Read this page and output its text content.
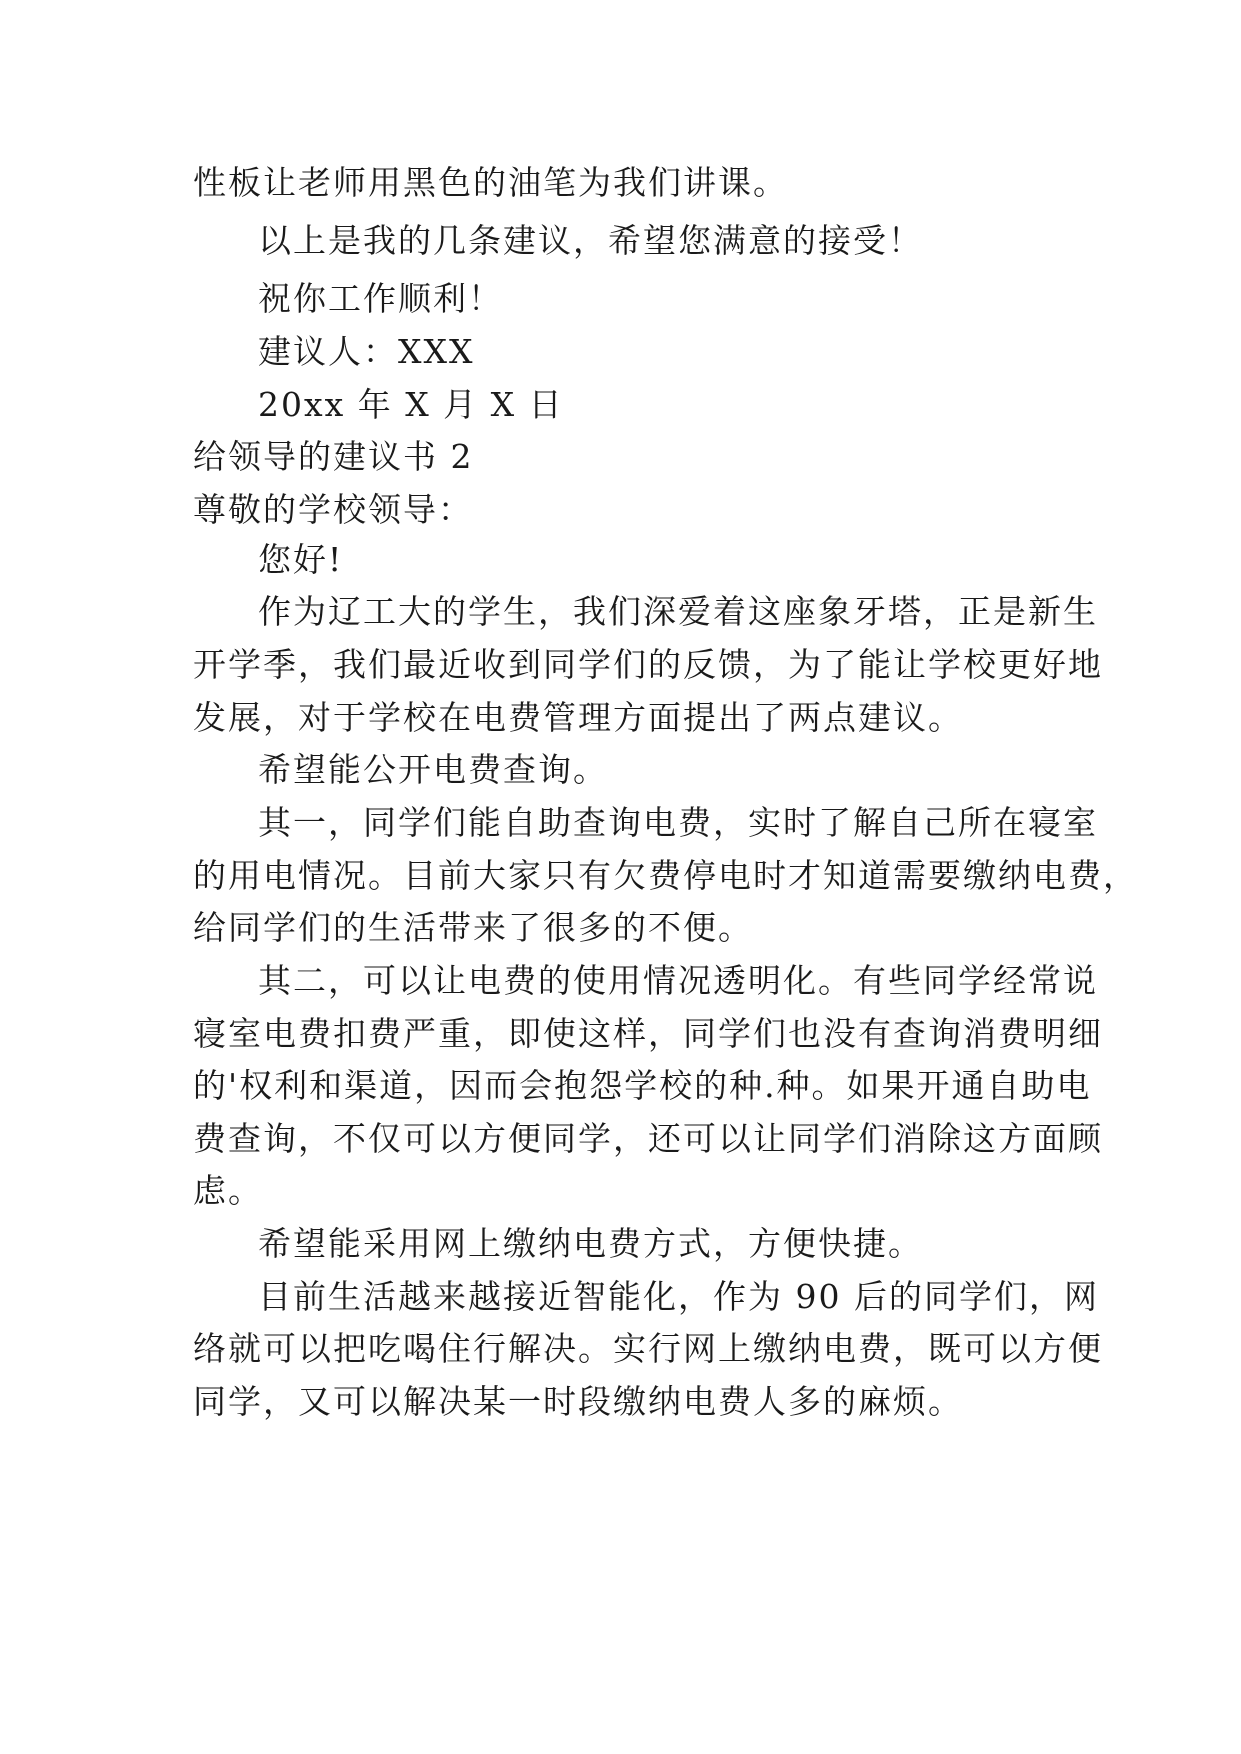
性板让老师用黑色的油笔为我们讲课。
以上是我的几条建议，希望您满意的接受！
祝你工作顺利！
建议人：XXX
20xx 年 X 月 X 日
给领导的建议书 2
尊敬的学校领导：
您好!
作为辽工大的学生，我们深爱着这座象牙塔，正是新生
开学季，我们最近收到同学们的反馈，为了能让学校更好地
发展，对于学校在电费管理方面提出了两点建议。
希望能公开电费查询。
其一，同学们能自助查询电费，实时了解自己所在寝室
的用电情况。目前大家只有欠费停电时才知道需要缴纳电费，
给同学们的生活带来了很多的不便。
其二，可以让电费的使用情况透明化。有些同学经常说
寝室电费扣费严重，即使这样，同学们也没有查询消费明细
的'权利和渠道，因而会抱怨学校的种.种。如果开通自助电
费查询，不仅可以方便同学，还可以让同学们消除这方面顾
虑。
希望能采用网上缴纳电费方式，方便快捷。
目前生活越来越接近智能化，作为 90 后的同学们，网
络就可以把吃喝住行解决。实行网上缴纳电费，既可以方便
同学，又可以解决某一时段缴纳电费人多的麻烦。
